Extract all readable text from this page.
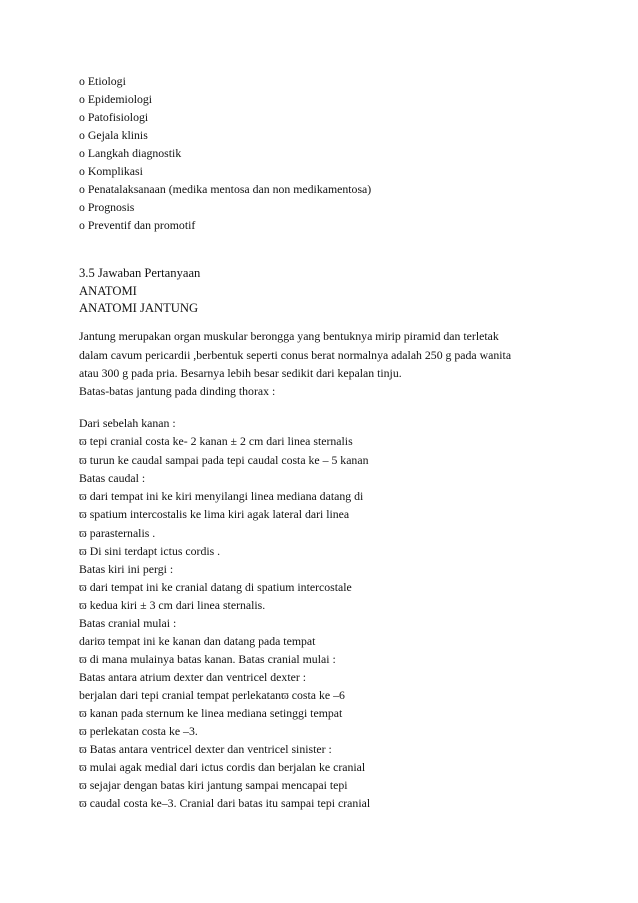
o Etiologi
o Epidemiologi
o Patofisiologi
o Gejala klinis
o Langkah diagnostik
o Komplikasi
o Penatalaksanaan (medika mentosa dan non medikamentosa)
o Prognosis
o Preventif dan promotif
3.5 Jawaban Pertanyaan
ANATOMI
ANATOMI JANTUNG
Jantung merupakan organ muskular berongga yang bentuknya mirip piramid dan terletak
dalam cavum pericardii ,berbentuk seperti conus berat normalnya adalah 250 g pada wanita
atau 300 g pada pria. Besarnya lebih besar sedikit dari kepalan tinju.
Batas-batas jantung pada dinding thorax :
Dari sebelah kanan :
ϖ tepi cranial costa ke- 2 kanan ± 2 cm dari linea sternalis
ϖ turun ke caudal sampai pada tepi caudal costa ke – 5 kanan
Batas caudal :
ϖ dari tempat ini ke kiri menyilangi linea mediana datang di
ϖ spatium intercostalis ke lima kiri agak lateral dari linea
ϖ parasternalis .
ϖ Di sini terdapt ictus cordis .
Batas kiri ini pergi :
ϖ dari tempat ini ke cranial datang di spatium intercostale
ϖ kedua kiri ± 3 cm dari linea sternalis.
Batas cranial mulai :
dariϖ tempat ini ke kanan dan datang pada tempat
ϖ di mana mulainya batas kanan. Batas cranial mulai :
Batas antara atrium dexter dan ventricel dexter :
berjalan dari tepi cranial tempat perlekatanϖ costa ke –6
ϖ kanan pada sternum ke linea mediana setinggi tempat
ϖ perlekatan costa ke –3.
ϖ Batas antara ventricel dexter dan ventricel sinister :
ϖ mulai agak medial dari ictus cordis dan berjalan ke cranial
ϖ sejajar dengan batas kiri jantung sampai mencapai tepi
ϖ caudal costa ke–3. Cranial dari batas itu sampai tepi cranial
